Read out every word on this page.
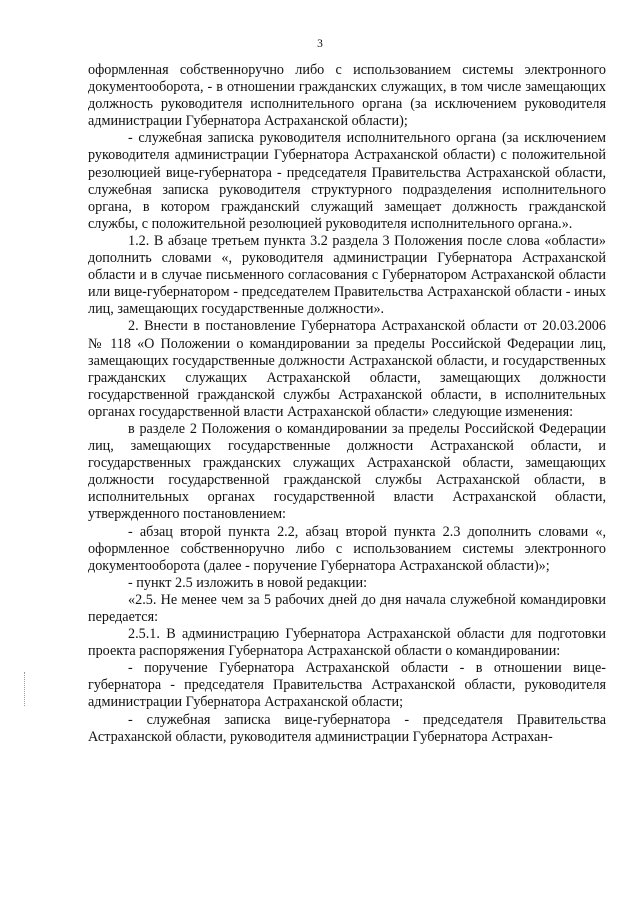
3

оформленная собственноручно либо с использованием системы электронного документооборота, - в отношении гражданских служащих, в том числе замещающих должность руководителя исполнительного органа (за исключением руководителя администрации Губернатора Астраханской области);

- служебная записка руководителя исполнительного органа (за исключением руководителя администрации Губернатора Астраханской области) с положительной резолюцией вице-губернатора - председателя Правительства Астраханской области, служебная записка руководителя структурного подразделения исполнительного органа, в котором гражданский служащий замещает должность гражданской службы, с положительной резолюцией руководителя исполнительного органа.».

1.2. В абзаце третьем пункта 3.2 раздела 3 Положения после слова «области» дополнить словами «, руководителя администрации Губернатора Астраханской области и в случае письменного согласования с Губернатором Астраханской области или вице-губернатором - председателем Правительства Астраханской области - иных лиц, замещающих государственные должности».

2. Внести в постановление Губернатора Астраханской области от 20.03.2006 № 118 «О Положении о командировании за пределы Российской Федерации лиц, замещающих государственные должности Астраханской области, и государственных гражданских служащих Астраханской области, замещающих должности государственной гражданской службы Астраханской области, в исполнительных органах государственной власти Астраханской области» следующие изменения:

в разделе 2 Положения о командировании за пределы Российской Федерации лиц, замещающих государственные должности Астраханской области, и государственных гражданских служащих Астраханской области, замещающих должности государственной гражданской службы Астраханской области, в исполнительных органах государственной власти Астраханской области, утвержденного постановлением:

- абзац второй пункта 2.2, абзац второй пункта 2.3 дополнить словами «, оформленное собственноручно либо с использованием системы электронного документооборота (далее - поручение Губернатора Астраханской области)»;

- пункт 2.5 изложить в новой редакции:

«2.5. Не менее чем за 5 рабочих дней до дня начала служебной командировки передается:

2.5.1. В администрацию Губернатора Астраханской области для подготовки проекта распоряжения Губернатора Астраханской области о командировании:

- поручение Губернатора Астраханской области - в отношении вице-губернатора - председателя Правительства Астраханской области, руководителя администрации Губернатора Астраханской области;

- служебная записка вице-губернатора - председателя Правительства Астраханской области, руководителя администрации Губернатора Астрахан-
